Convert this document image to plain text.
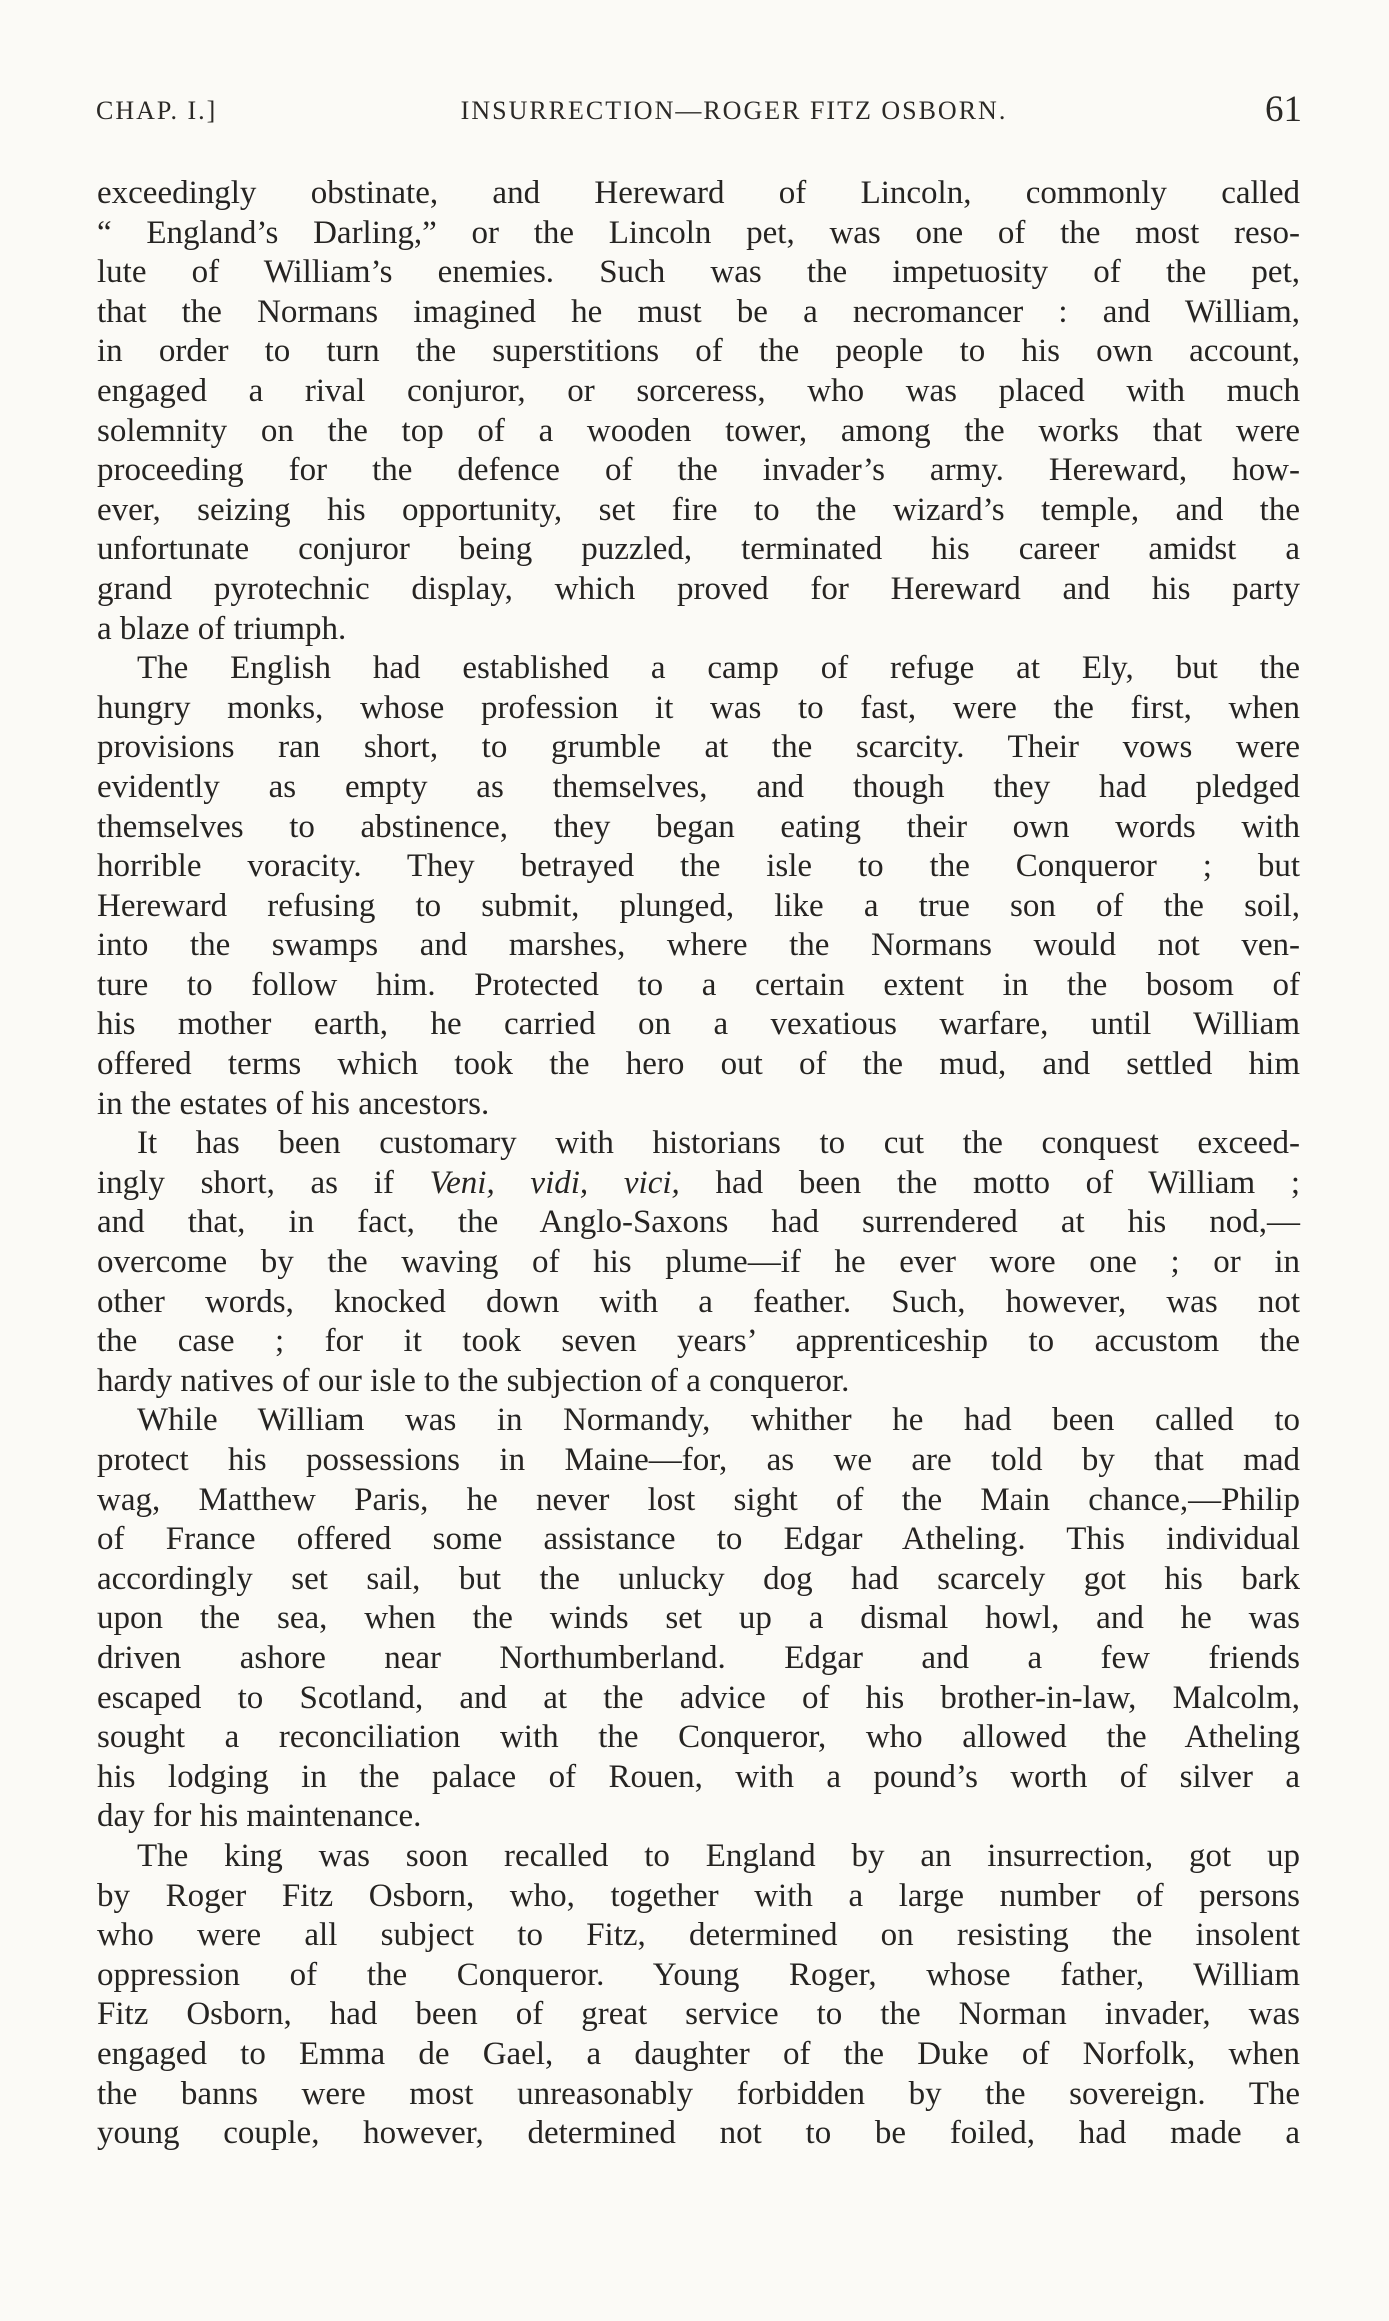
CHAP. I.]	INSURRECTION—ROGER FITZ OSBORN.	61
exceedingly obstinate, and Hereward of Lincoln, commonly called
“ England’s Darling,” or the Lincoln pet, was one of the most reso-
lute of William’s enemies. Such was the impetuosity of the pet,
that the Normans imagined he must be a necromancer : and William,
in order to turn the superstitions of the people to his own account,
engaged a rival conjuror, or sorceress, who was placed with much
solemnity on the top of a wooden tower, among the works that were
proceeding for the defence of the invader’s army. Hereward, how-
ever, seizing his opportunity, set fire to the wizard’s temple, and the
unfortunate conjuror being puzzled, terminated his career amidst a
grand pyrotechnic display, which proved for Hereward and his party
a blaze of triumph.
The English had established a camp of refuge at Ely, but the
hungry monks, whose profession it was to fast, were the first, when
provisions ran short, to grumble at the scarcity. Their vows were
evidently as empty as themselves, and though they had pledged
themselves to abstinence, they began eating their own words with
horrible voracity. They betrayed the isle to the Conqueror ; but
Hereward refusing to submit, plunged, like a true son of the soil,
into the swamps and marshes, where the Normans would not ven-
ture to follow him. Protected to a certain extent in the bosom of
his mother earth, he carried on a vexatious warfare, until William
offered terms which took the hero out of the mud, and settled him
in the estates of his ancestors.
It has been customary with historians to cut the conquest exceed-
ingly short, as if Veni, vidi, vici, had been the motto of William ;
and that, in fact, the Anglo-Saxons had surrendered at his nod,—
overcome by the waving of his plume—if he ever wore one ; or in
other words, knocked down with a feather. Such, however, was not
the case ; for it took seven years’ apprenticeship to accustom the
hardy natives of our isle to the subjection of a conqueror.
While William was in Normandy, whither he had been called to
protect his possessions in Maine—for, as we are told by that mad
wag, Matthew Paris, he never lost sight of the Main chance,—Philip
of France offered some assistance to Edgar Atheling. This individual
accordingly set sail, but the unlucky dog had scarcely got his bark
upon the sea, when the winds set up a dismal howl, and he was
driven ashore near Northumberland. Edgar and a few friends
escaped to Scotland, and at the advice of his brother-in-law, Malcolm,
sought a reconciliation with the Conqueror, who allowed the Atheling
his lodging in the palace of Rouen, with a pound’s worth of silver a
day for his maintenance.
The king was soon recalled to England by an insurrection, got up
by Roger Fitz Osborn, who, together with a large number of persons
who were all subject to Fitz, determined on resisting the insolent
oppression of the Conqueror. Young Roger, whose father, William
Fitz Osborn, had been of great service to the Norman invader, was
engaged to Emma de Gael, a daughter of the Duke of Norfolk, when
the banns were most unreasonably forbidden by the sovereign. The
young couple, however, determined not to be foiled, had made a
